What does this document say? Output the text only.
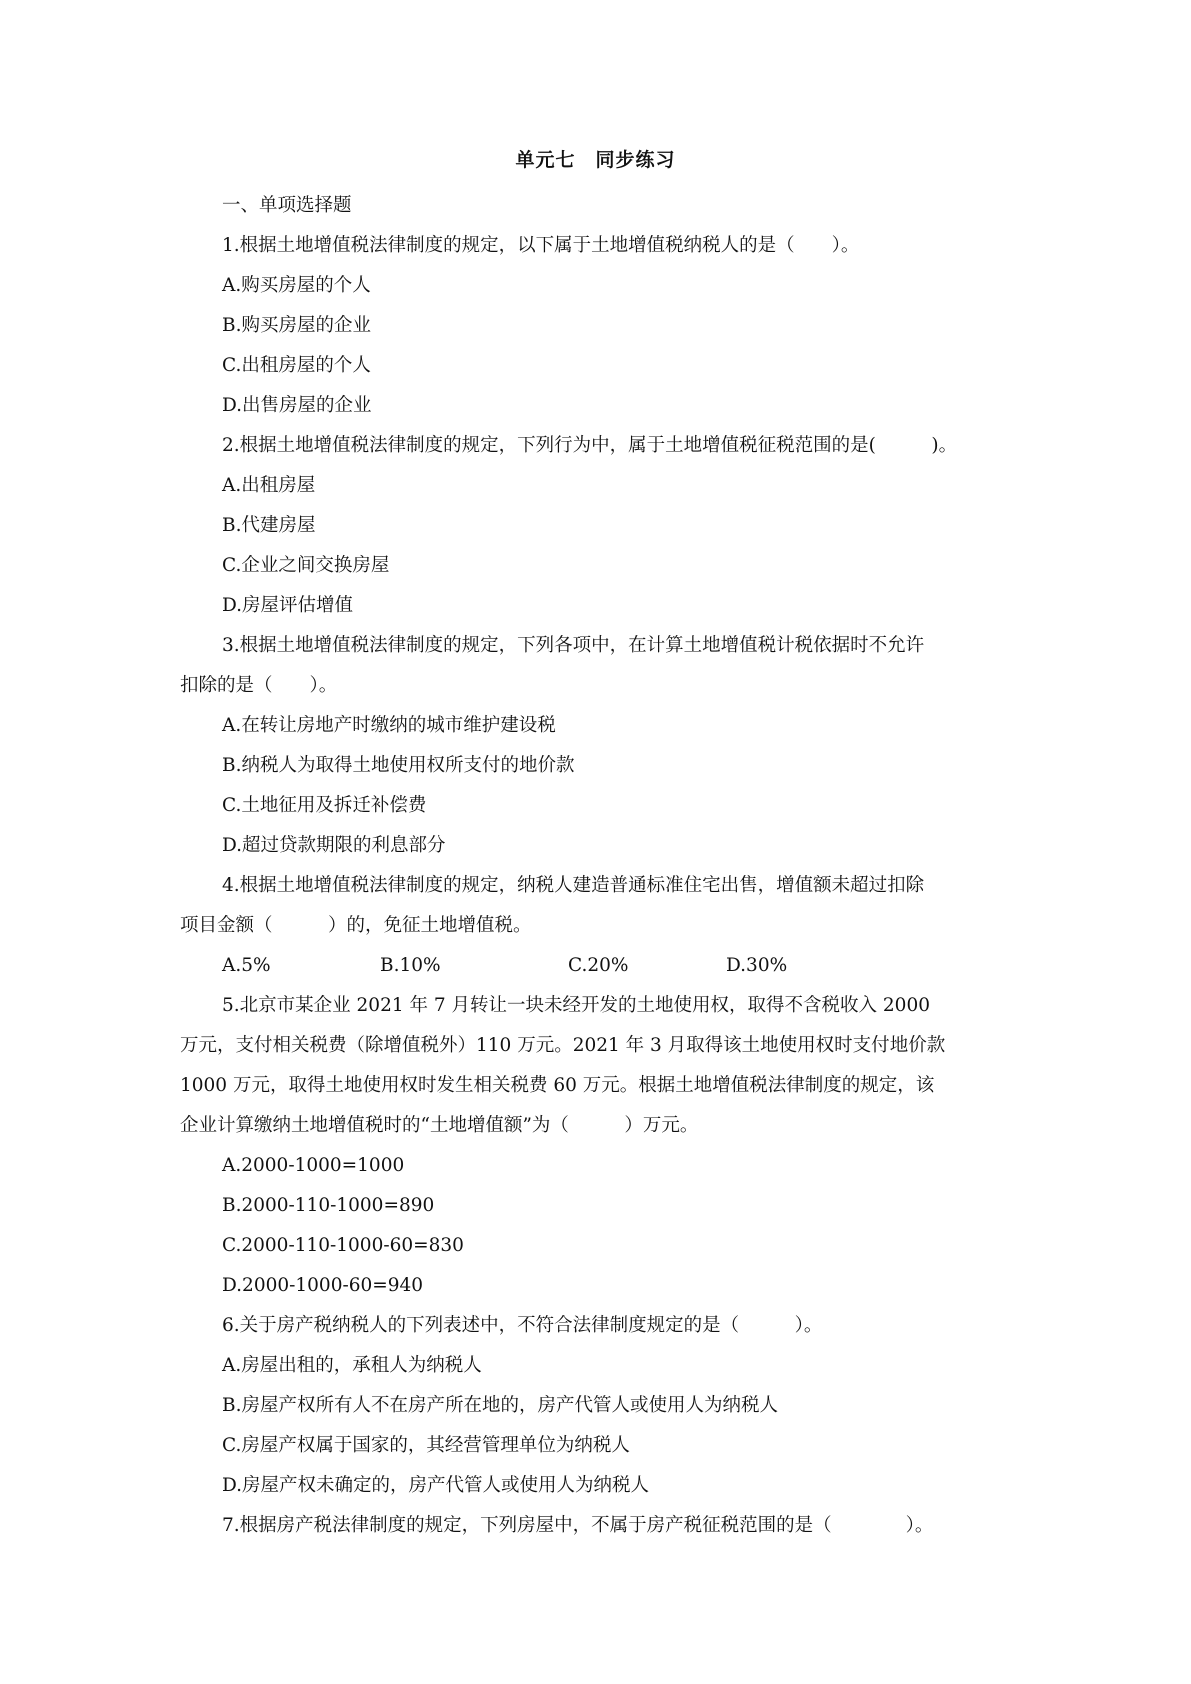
单元七　同步练习
一、单项选择题
1.根据土地增值税法律制度的规定，以下属于土地增值税纳税人的是（　　）。
A.购买房屋的个人
B.购买房屋的企业
C.出租房屋的个人
D.出售房屋的企业
2.根据土地增值税法律制度的规定，下列行为中，属于土地增值税征税范围的是(　　　)。
A.出租房屋
B.代建房屋
C.企业之间交换房屋
D.房屋评估增值
3.根据土地增值税法律制度的规定，下列各项中，在计算土地增值税计税依据时不允许
扣除的是（　　）。
A.在转让房地产时缴纳的城市维护建设税
B.纳税人为取得土地使用权所支付的地价款
C.土地征用及拆迁补偿费
D.超过贷款期限的利息部分
4.根据土地增值税法律制度的规定，纳税人建造普通标准住宅出售，增值额未超过扣除
项目金额（　　　）的，免征土地增值税。
A.5%	B.10%	C.20%	D.30%
5.北京市某企业 2021 年 7 月转让一块未经开发的土地使用权，取得不含税收入 2000
万元，支付相关税费（除增值税外）110 万元。2021 年 3 月取得该土地使用权时支付地价款
1000 万元，取得土地使用权时发生相关税费 60 万元。根据土地增值税法律制度的规定，该
企业计算缴纳土地增值税时的“土地增值额”为（　　　）万元。
A.2000-1000=1000
B.2000-110-1000=890
C.2000-110-1000-60=830
D.2000-1000-60=940
6.关于房产税纳税人的下列表述中，不符合法律制度规定的是（　　　）。
A.房屋出租的，承租人为纳税人
B.房屋产权所有人不在房产所在地的，房产代管人或使用人为纳税人
C.房屋产权属于国家的，其经营管理单位为纳税人
D.房屋产权未确定的，房产代管人或使用人为纳税人
7.根据房产税法律制度的规定，下列房屋中，不属于房产税征税范围的是（　　　　）。
